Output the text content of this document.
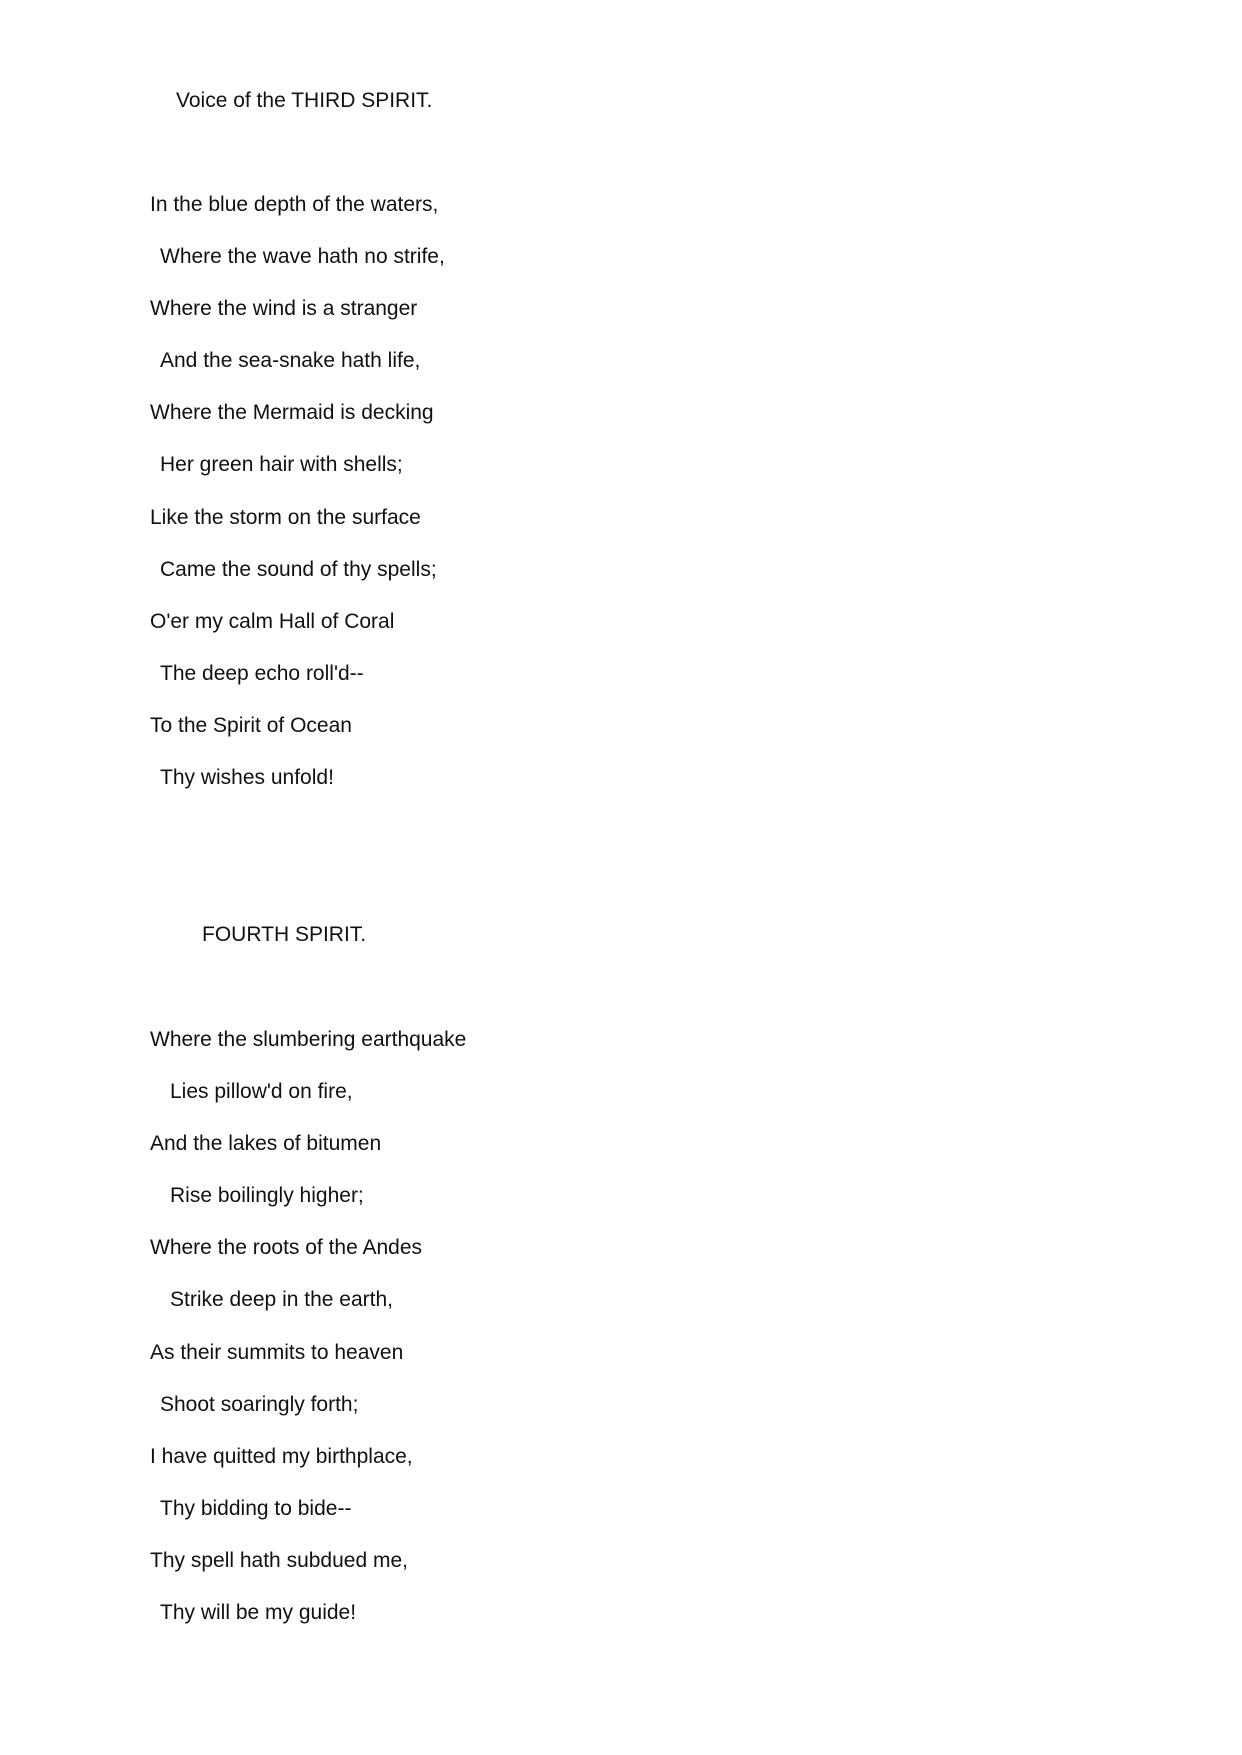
Voice of the THIRD SPIRIT.

In the blue depth of the waters,

Where the wave hath no strife,

Where the wind is a stranger

And the sea-snake hath life,

Where the Mermaid is decking

Her green hair with shells;

Like the storm on the surface

Came the sound of thy spells;

O'er my calm Hall of Coral

The deep echo roll'd--

To the Spirit of Ocean

Thy wishes unfold!

FOURTH SPIRIT.

Where the slumbering earthquake

Lies pillow'd on fire,

And the lakes of bitumen

Rise boilingly higher;

Where the roots of the Andes

Strike deep in the earth,

As their summits to heaven

Shoot soaringly forth;

I have quitted my birthplace,

Thy bidding to bide--

Thy spell hath subdued me,

Thy will be my guide!
